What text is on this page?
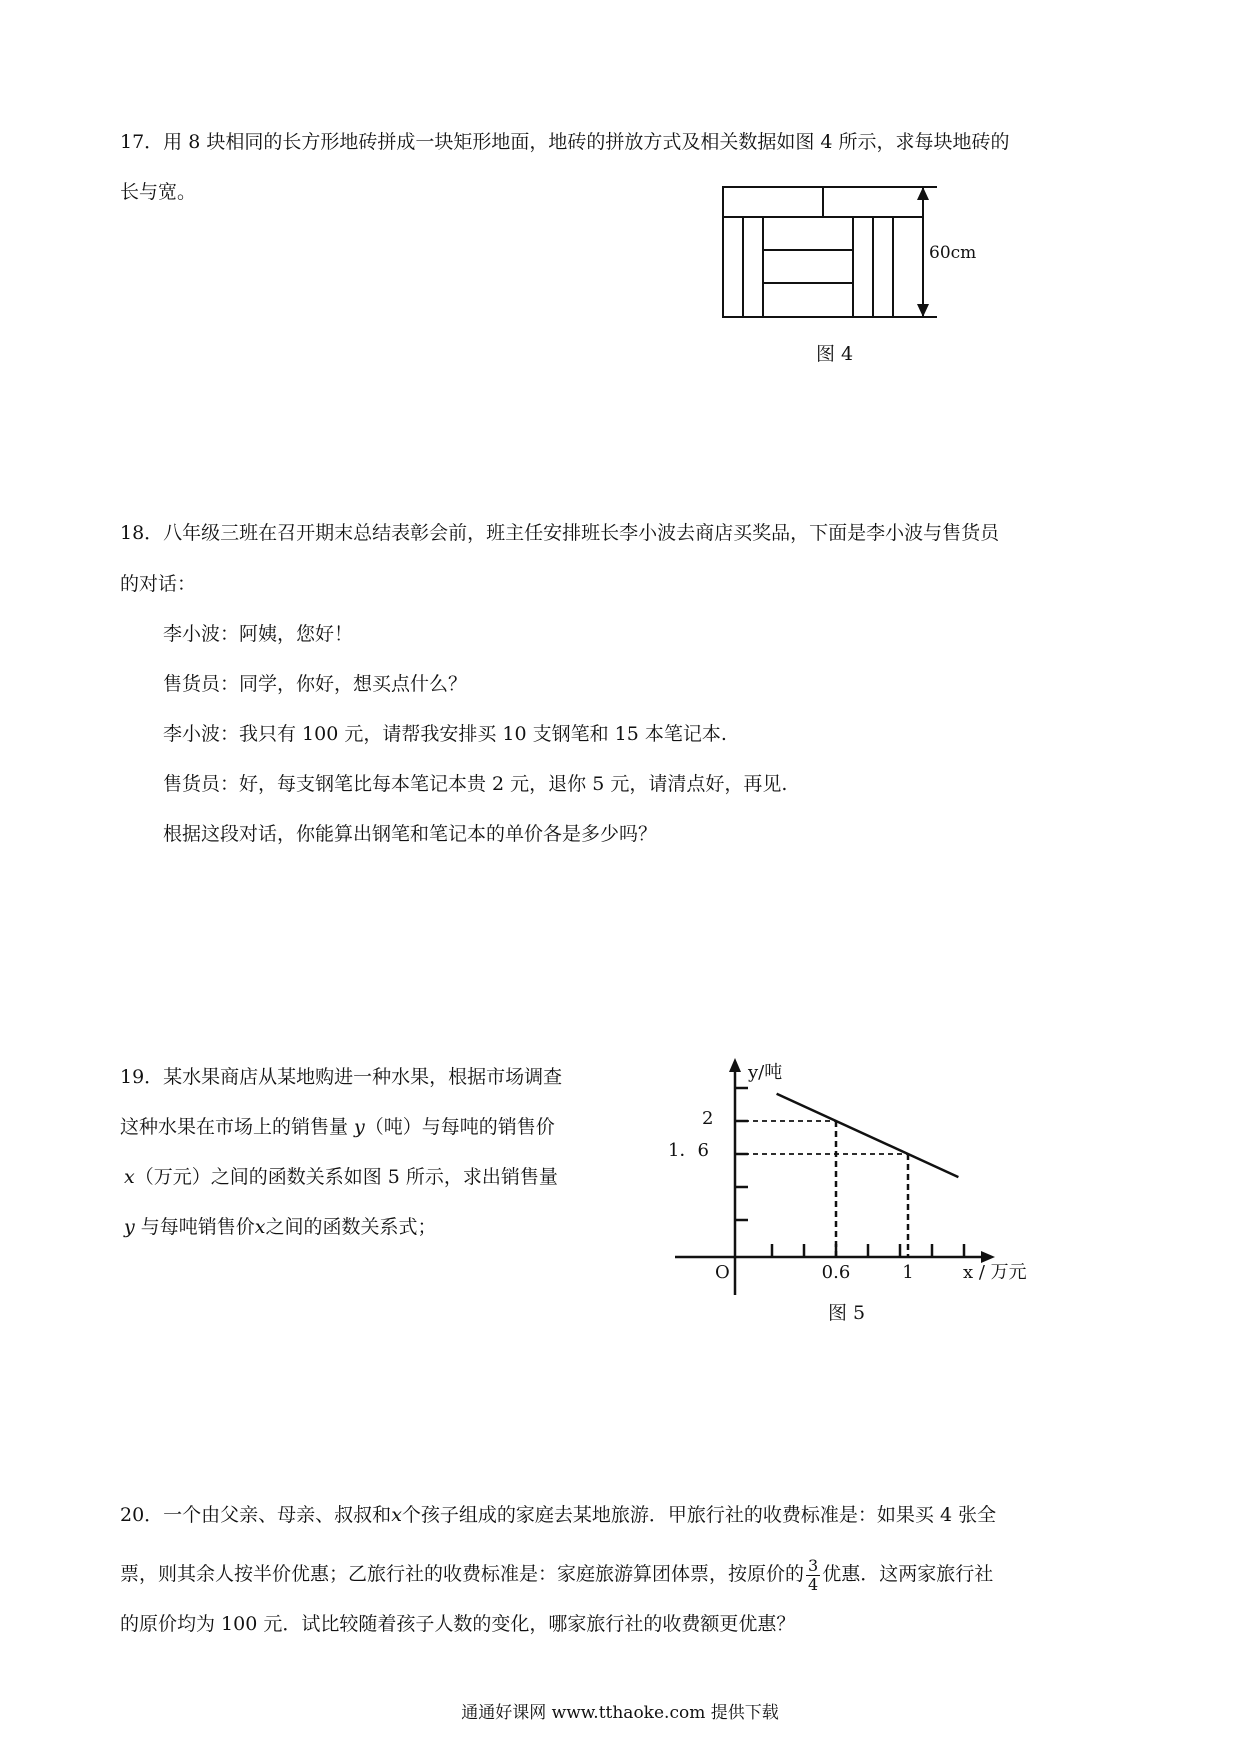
17．用 8 块相同的长方形地砖拼成一块矩形地面，地砖的拼放方式及相关数据如图 4 所示，求每块地砖的
长与宽。
60cm
图 4
18．八年级三班在召开期末总结表彰会前，班主任安排班长李小波去商店买奖品，下面是李小波与售货员
的对话：
李小波：阿姨，您好！
售货员：同学，你好，想买点什么？
李小波：我只有 100 元，请帮我安排买 10 支钢笔和 15 本笔记本.
售货员：好，每支钢笔比每本笔记本贵 2 元，退你 5 元，请清点好，再见.
根据这段对话，你能算出钢笔和笔记本的单价各是多少吗？
19．某水果商店从某地购进一种水果，根据市场调查
这种水果在市场上的销售量 y（吨）与每吨的销售价
x（万元）之间的函数关系如图 5 所示，求出销售量
y 与每吨销售价x之间的函数关系式；
y/吨
O	x / 万元
0.6	1
2
1．6
图 5
20．一个由父亲、母亲、叔叔和x个孩子组成的家庭去某地旅游．甲旅行社的收费标准是：如果买 4 张全
票，则其余人按半价优惠；乙旅行社的收费标准是：家庭旅游算团体票，按原价的 $\frac{3}{4}$ 优惠．这两家旅行社
的原价均为 100 元．试比较随着孩子人数的变化，哪家旅行社的收费额更优惠？
通通好课网 www.tthaoke.com 提供下载
